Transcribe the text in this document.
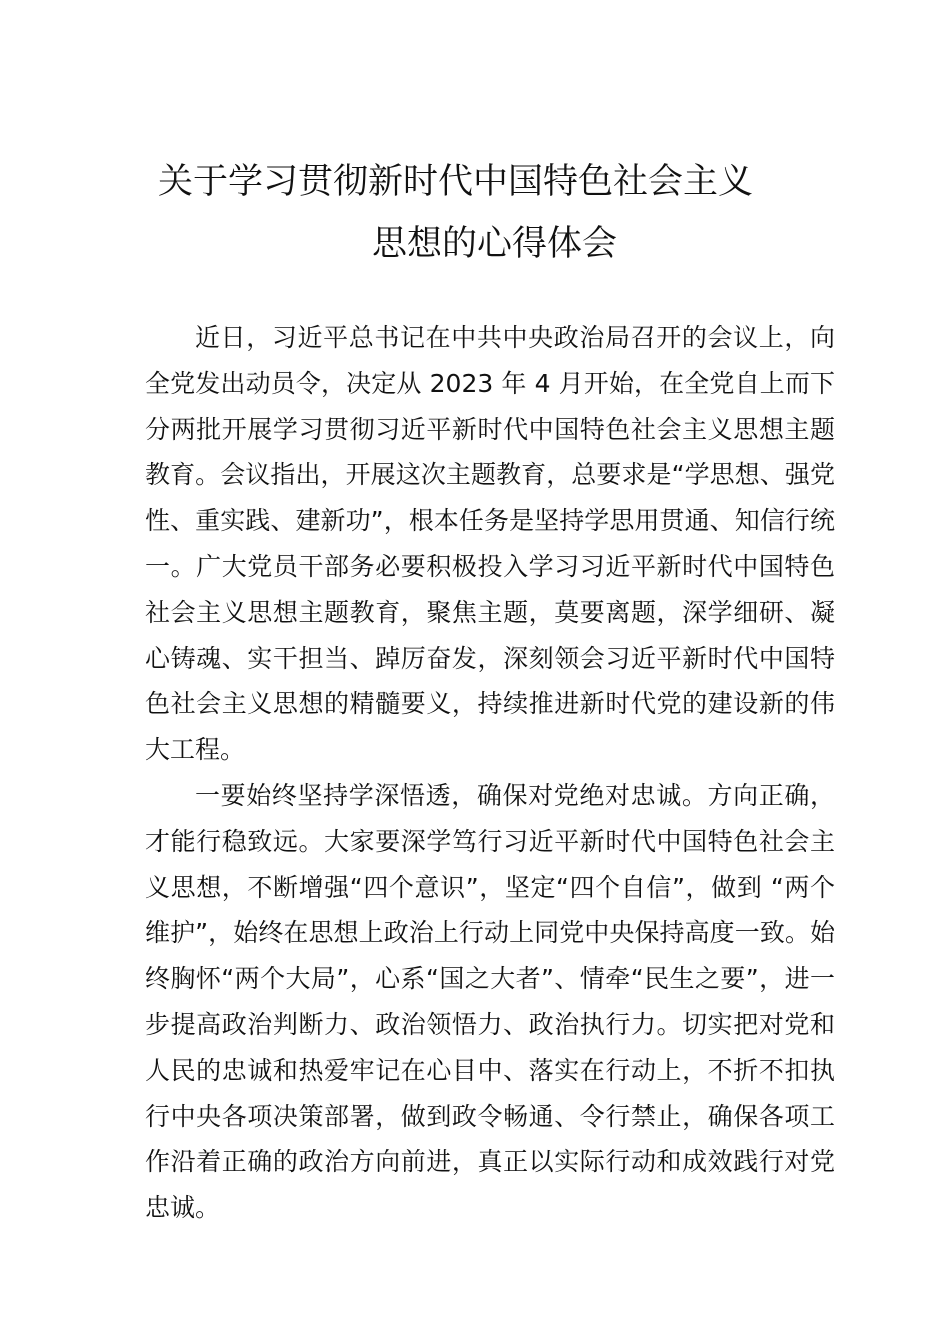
关于学习贯彻新时代中国特色社会主义
思想的心得体会

近日，习近平总书记在中共中央政治局召开的会议上，向全党发出动员令，决定从 2023 年 4 月开始，在全党自上而下分两批开展学习贯彻习近平新时代中国特色社会主义思想主题教育。会议指出，开展这次主题教育，总要求是“学思想、强党性、重实践、建新功”，根本任务是坚持学思用贯通、知信行统一。广大党员干部务必要积极投入学习习近平新时代中国特色社会主义思想主题教育，聚焦主题，莫要离题，深学细研、凝心铸魂、实干担当、踔厉奋发，深刻领会习近平新时代中国特色社会主义思想的精髓要义，持续推进新时代党的建设新的伟大工程。

一要始终坚持学深悟透，确保对党绝对忠诚。方向正确，才能行稳致远。大家要深学笃行习近平新时代中国特色社会主义思想，不断增强“四个意识”，坚定“四个自信”，做到 “两个维护”，始终在思想上政治上行动上同党中央保持高度一致。始终胸怀“两个大局”，心系“国之大者”、情牵“民生之要”，进一步提高政治判断力、政治领悟力、政治执行力。切实把对党和人民的忠诚和热爱牢记在心目中、落实在行动上，不折不扣执行中央各项决策部署，做到政令畅通、令行禁止，确保各项工作沿着正确的政治方向前进，真正以实际行动和成效践行对党忠诚。
